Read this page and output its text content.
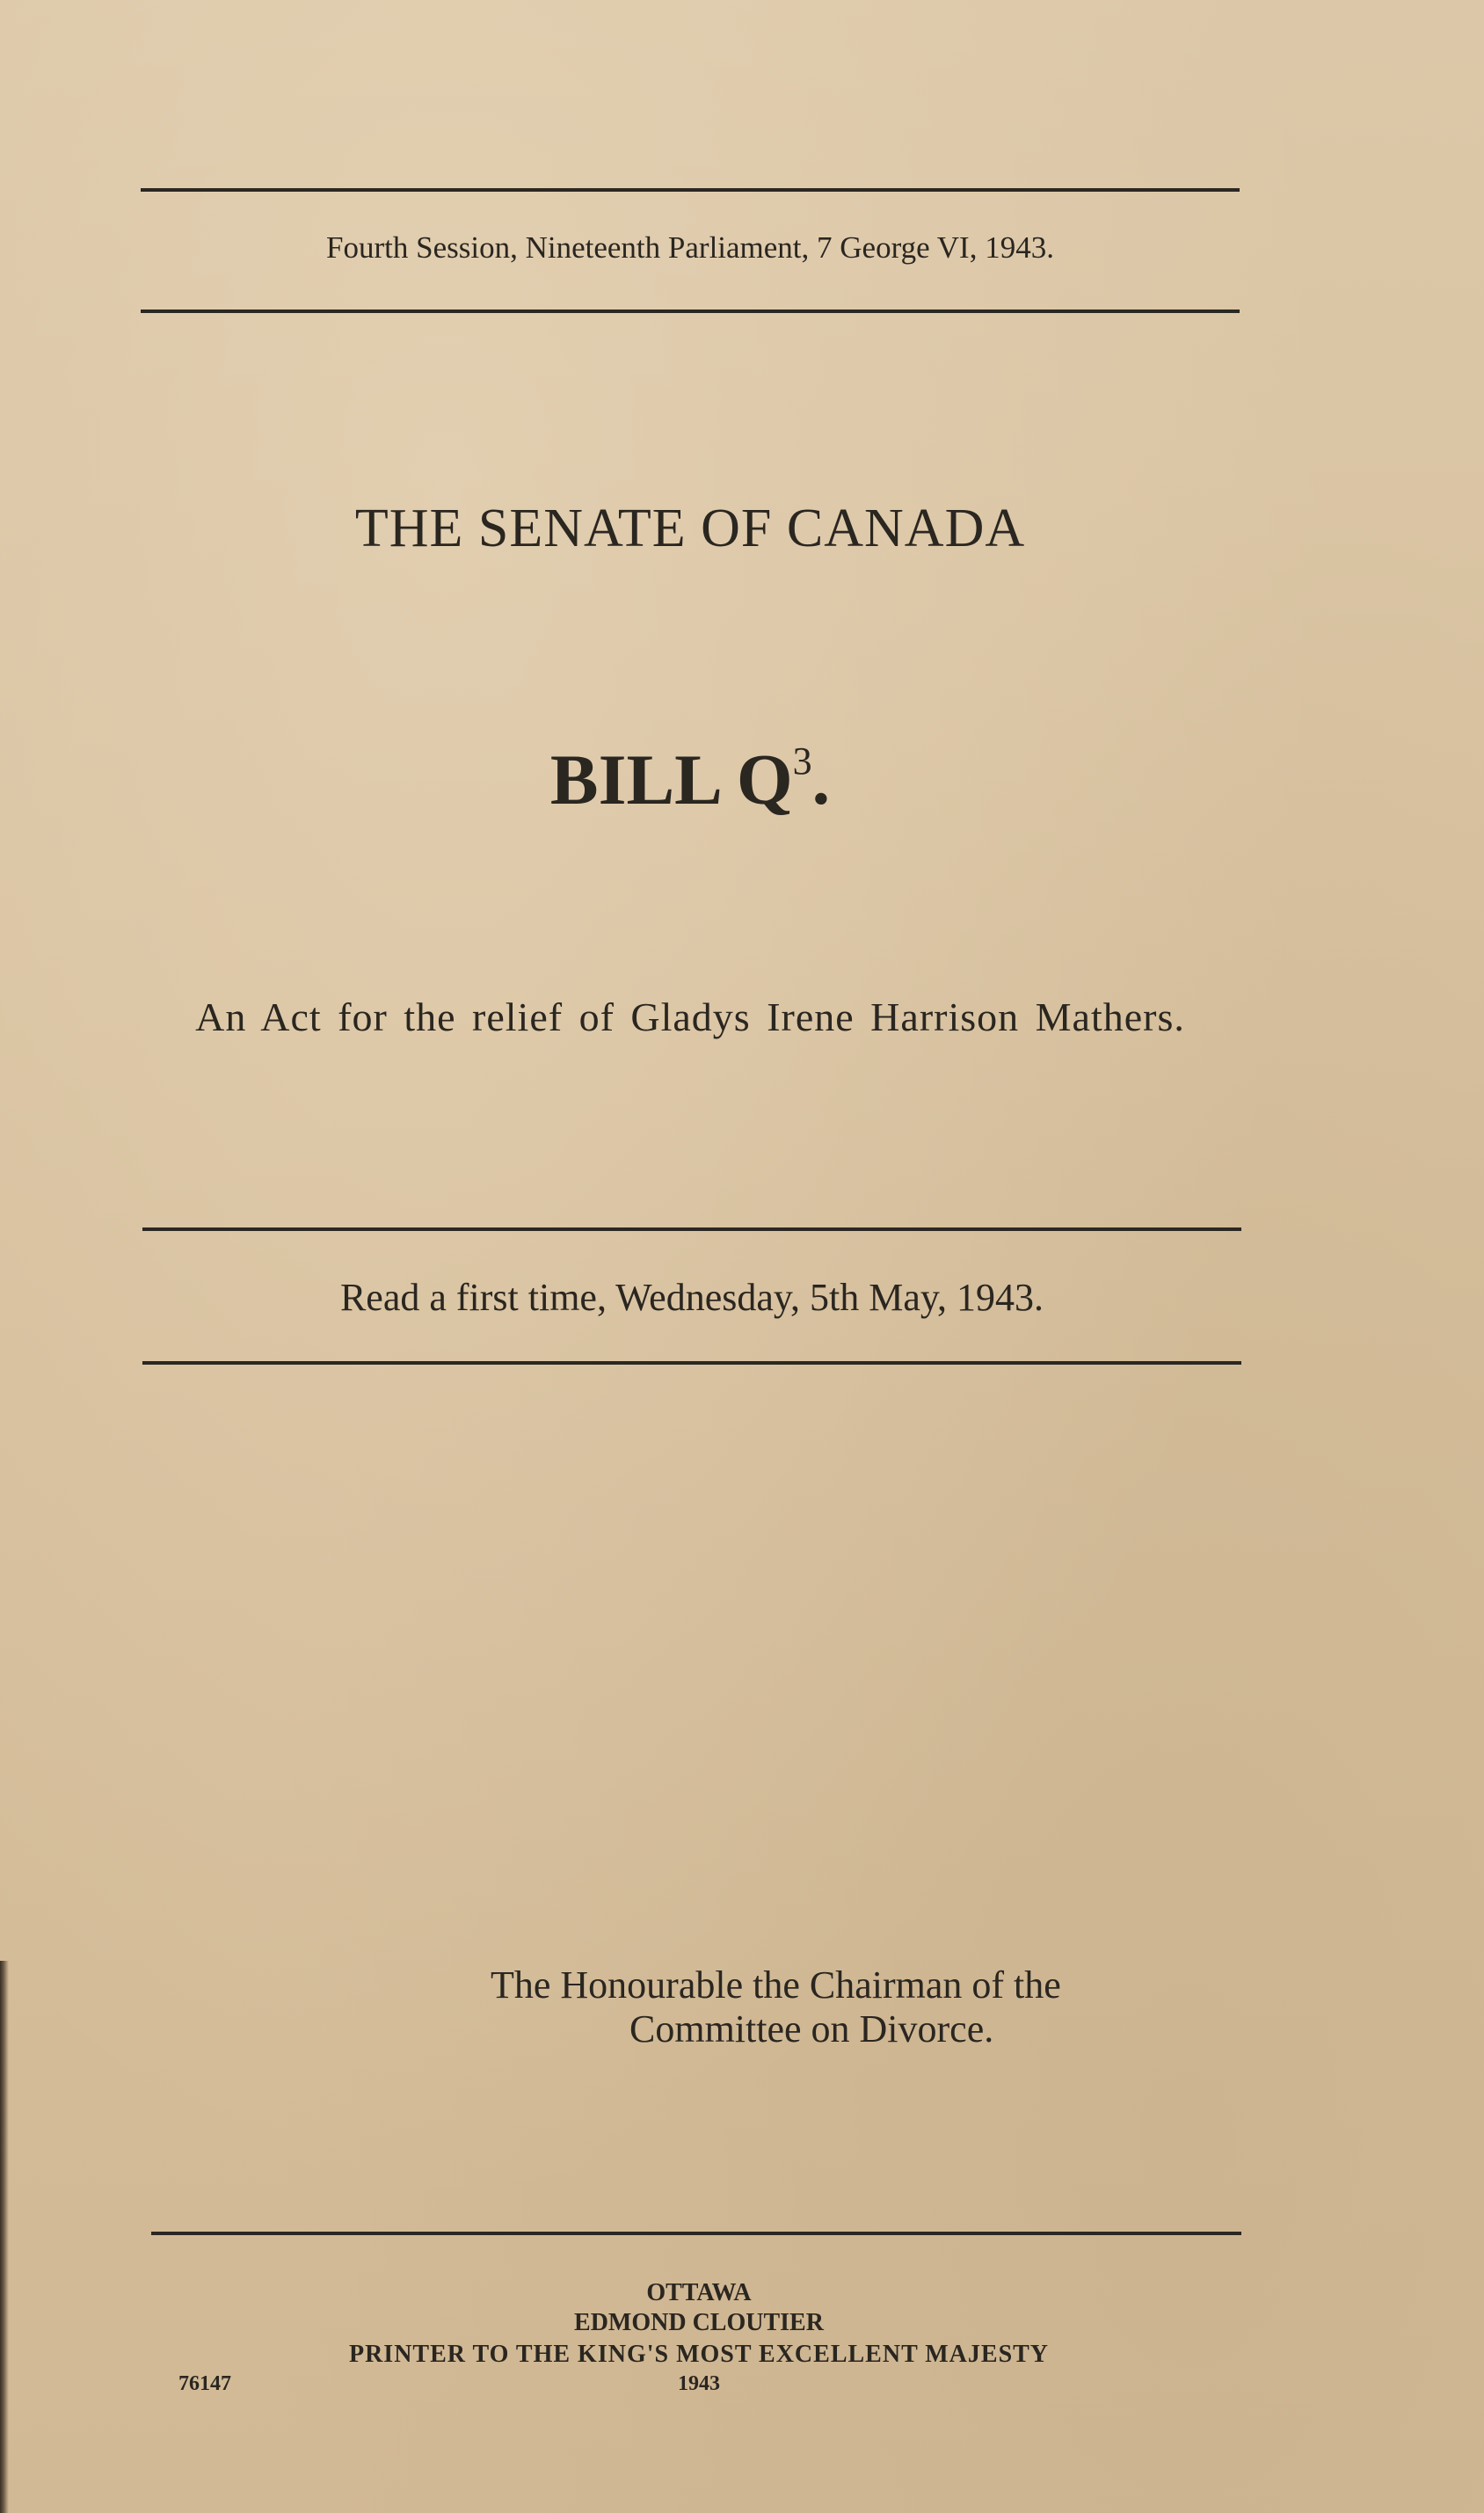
Fourth Session, Nineteenth Parliament, 7 George VI, 1943.
THE SENATE OF CANADA
BILL $Q^3$.
An Act for the relief of Gladys Irene Harrison Mathers.
Read a first time, Wednesday, 5th May, 1943.
The Honourable the Chairman of the
Committee on Divorce.
OTTAWA
EDMOND CLOUTIER
PRINTER TO THE KING'S MOST EXCELLENT MAJESTY
1943
76147
